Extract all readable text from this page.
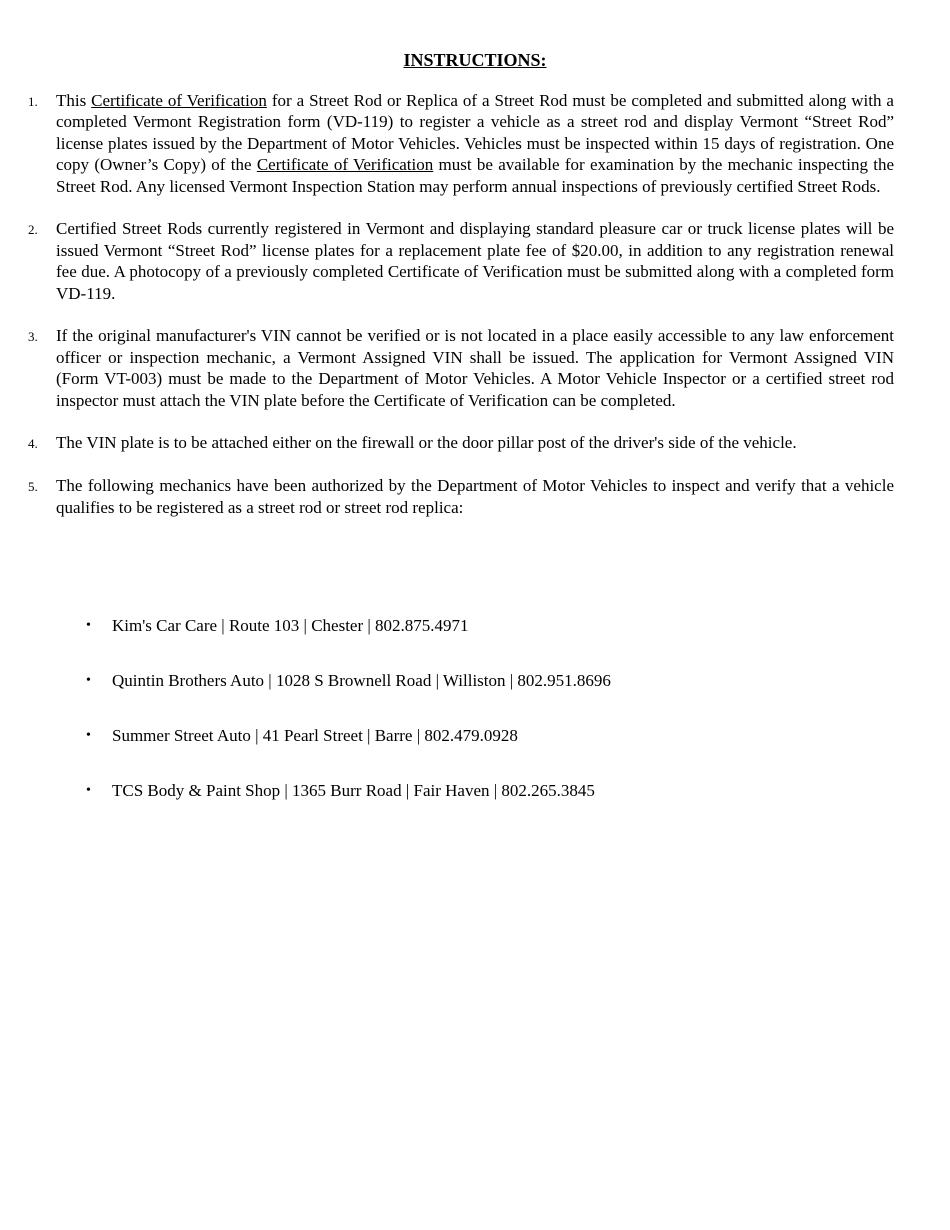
INSTRUCTIONS:
1. This Certificate of Verification for a Street Rod or Replica of a Street Rod must be completed and submitted along with a completed Vermont Registration form (VD-119) to register a vehicle as a street rod and display Vermont “Street Rod” license plates issued by the Department of Motor Vehicles. Vehicles must be inspected within 15 days of registration. One copy (Owner’s Copy) of the Certificate of Verification must be available for examination by the mechanic inspecting the Street Rod. Any licensed Vermont Inspection Station may perform annual inspections of previously certified Street Rods.
2. Certified Street Rods currently registered in Vermont and displaying standard pleasure car or truck license plates will be issued Vermont “Street Rod” license plates for a replacement plate fee of $20.00, in addition to any registration renewal fee due. A photocopy of a previously completed Certificate of Verification must be submitted along with a completed form VD-119.
3. If the original manufacturer's VIN cannot be verified or is not located in a place easily accessible to any law enforcement officer or inspection mechanic, a Vermont Assigned VIN shall be issued. The application for Vermont Assigned VIN (Form VT-003) must be made to the Department of Motor Vehicles. A Motor Vehicle Inspector or a certified street rod inspector must attach the VIN plate before the Certificate of Verification can be completed.
4. The VIN plate is to be attached either on the firewall or the door pillar post of the driver's side of the vehicle.
5. The following mechanics have been authorized by the Department of Motor Vehicles to inspect and verify that a vehicle qualifies to be registered as a street rod or street rod replica:
• Kim's Car Care | Route 103 | Chester | 802.875.4971
• Quintin Brothers Auto | 1028 S Brownell Road | Williston | 802.951.8696
• Summer Street Auto | 41 Pearl Street | Barre | 802.479.0928
• TCS Body & Paint Shop | 1365 Burr Road | Fair Haven | 802.265.3845
